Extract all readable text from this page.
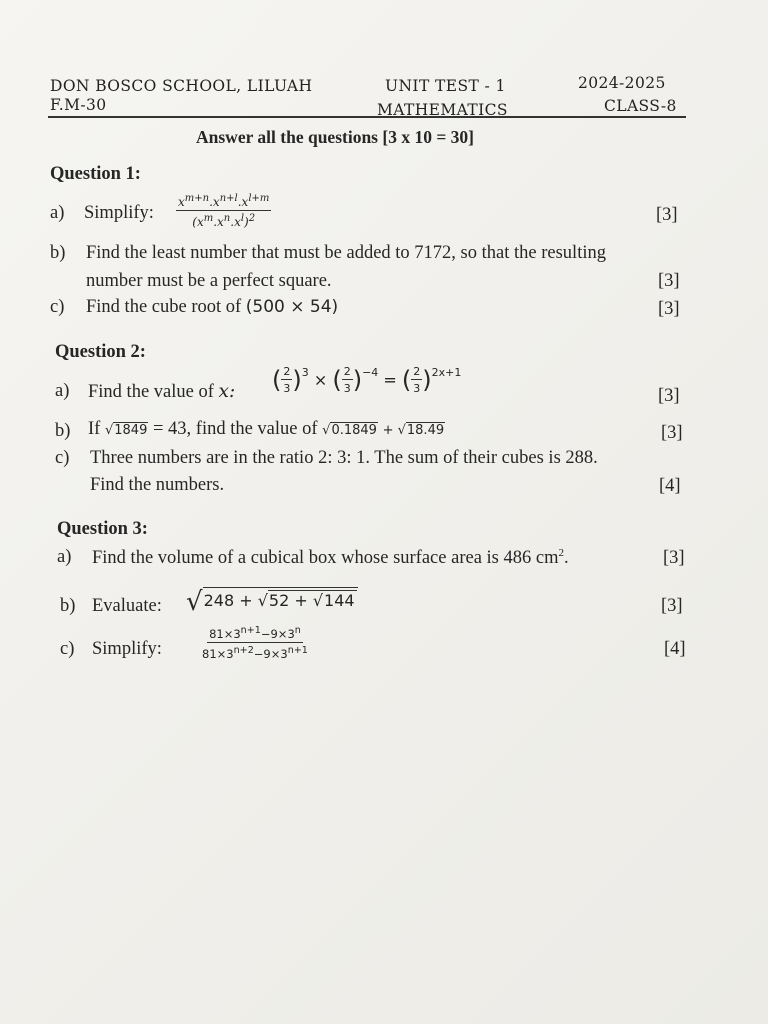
DON BOSCO SCHOOL, LILUAH
F.M-30
UNIT TEST - 1
MATHEMATICS
2024-2025
CLASS-8
Answer all the questions [3 x 10 = 30]
Question 1:
a) Simplify: $\frac{x^{m+n}.x^{n+l}.x^{l+m}}{(x^m.x^n.x^l)^2}$	[3]
b) Find the least number that must be added to 7172, so that the resulting
number must be a perfect square.	[3]
c) Find the cube root of (500 × 54)	[3]
Question 2:
a) Find the value of x: ( $\frac{2}{3} )^3$ × ( $\frac{2}{3} )^{-4}$ = ( $\frac{2}{3} )^{2x+1}$
[3]
b) If √1849 = 43, find the value of √0.1849 + √18.49	[3]
c) Three numbers are in the ratio 2: 3: 1. The sum of their cubes is 288.
Find the numbers.	[4]
Question 3:
a) Find the volume of a cubical box whose surface area is 486 $cm^2$.	[3]
b) Evaluate: √248 + √52 + √144	[3]
c) Simplify:	$\frac{81\times 3^{n+1}-9\times 3^n}{81\times 3^{n+2}-9\times 3^{n+1}}$	[4]
